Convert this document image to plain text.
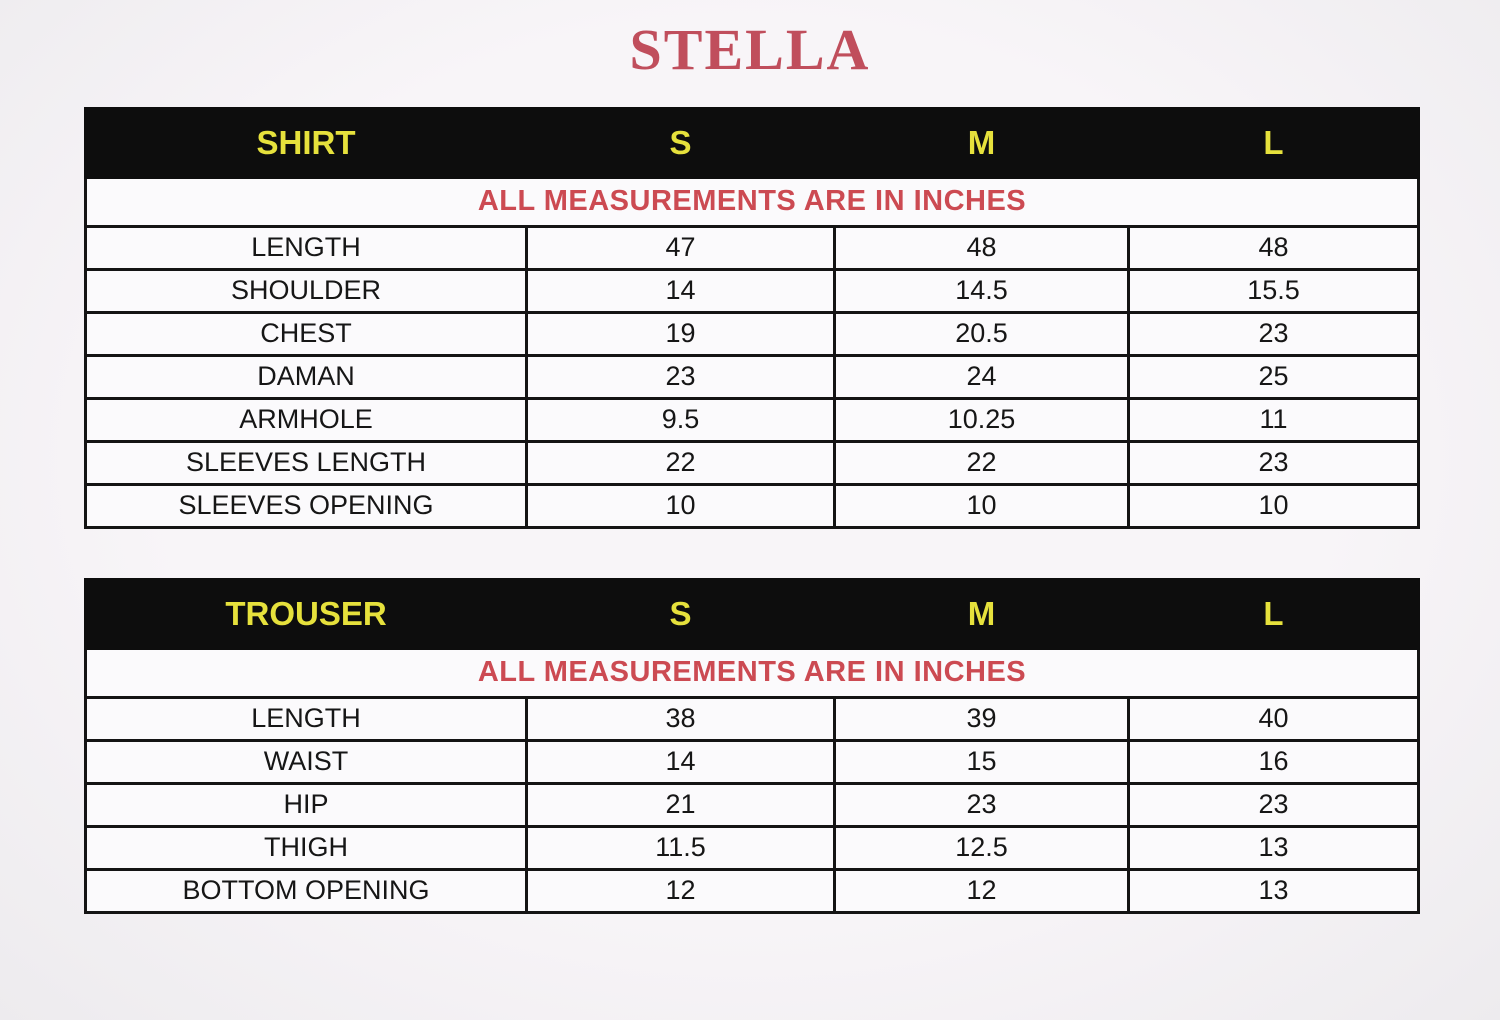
STELLA
SHIRT	S	M	L
ALL MEASUREMENTS ARE IN INCHES			
LENGTH	47	48	48
SHOULDER	14	14.5	15.5
CHEST	19	20.5	23
DAMAN	23	24	25
ARMHOLE	9.5	10.25	11
SLEEVES LENGTH	22	22	23
SLEEVES OPENING	10	10	10
TROUSER	S	M	L
ALL MEASUREMENTS ARE IN INCHES			
LENGTH	38	39	40
WAIST	14	15	16
HIP	21	23	23
THIGH	11.5	12.5	13
BOTTOM OPENING	12	12	13
